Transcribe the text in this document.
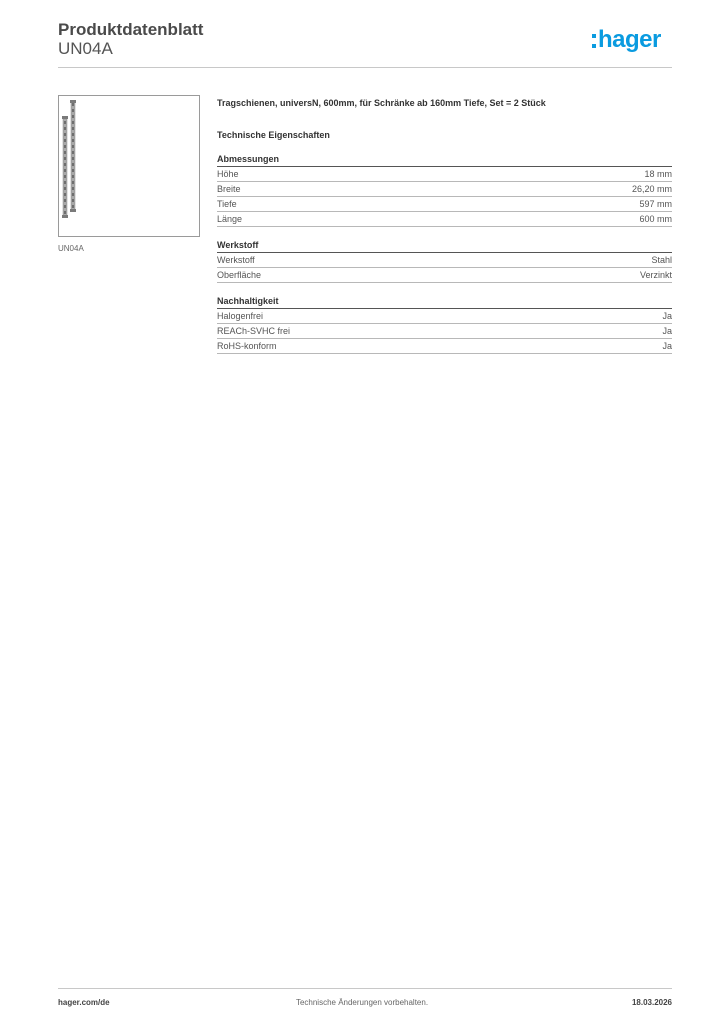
Produktdatenblatt
UN04A	hager
UN04A

Tragschienen, universN, 600mm, für Schränke ab 160mm Tiefe, Set = 2 Stück

Technische Eigenschaften
Abmessungen
Höhe	18 mm
Breite	26,20 mm
Tiefe	597 mm
Länge	600 mm
Werkstoff
Werkstoff	Stahl
Oberfläche	Verzinkt
Nachhaltigkeit
Halogenfrei	Ja
REACh-SVHC frei	Ja
RoHS-konform	Ja
hager.com/de	Technische Änderungen vorbehalten.	18.03.2026
